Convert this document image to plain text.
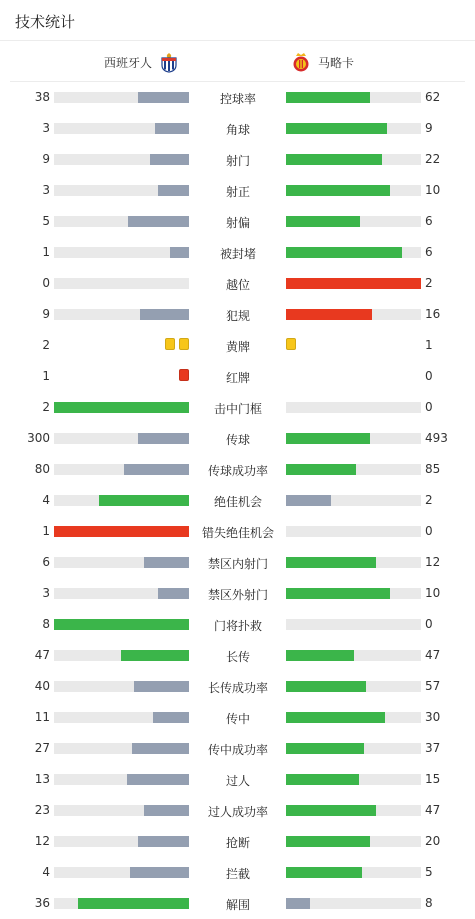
技术统计
西班牙人	马略卡
38	控球率	62
3	角球	9
9	射门	22
3	射正	10
5	射偏	6
1	被封堵	6
0	越位	2
9	犯规	16
2	黄牌	1
1	红牌	0
2	击中门框	0
300	传球	493
80	传球成功率	85
4	绝佳机会	2
1	错失绝佳机会	0
6	禁区内射门	12
3	禁区外射门	10
8	门将扑救	0
47	长传	47
40	长传成功率	57
11	传中	30
27	传中成功率	37
13	过人	15
23	过人成功率	47
12	抢断	20
4	拦截	5
36	解围	8
